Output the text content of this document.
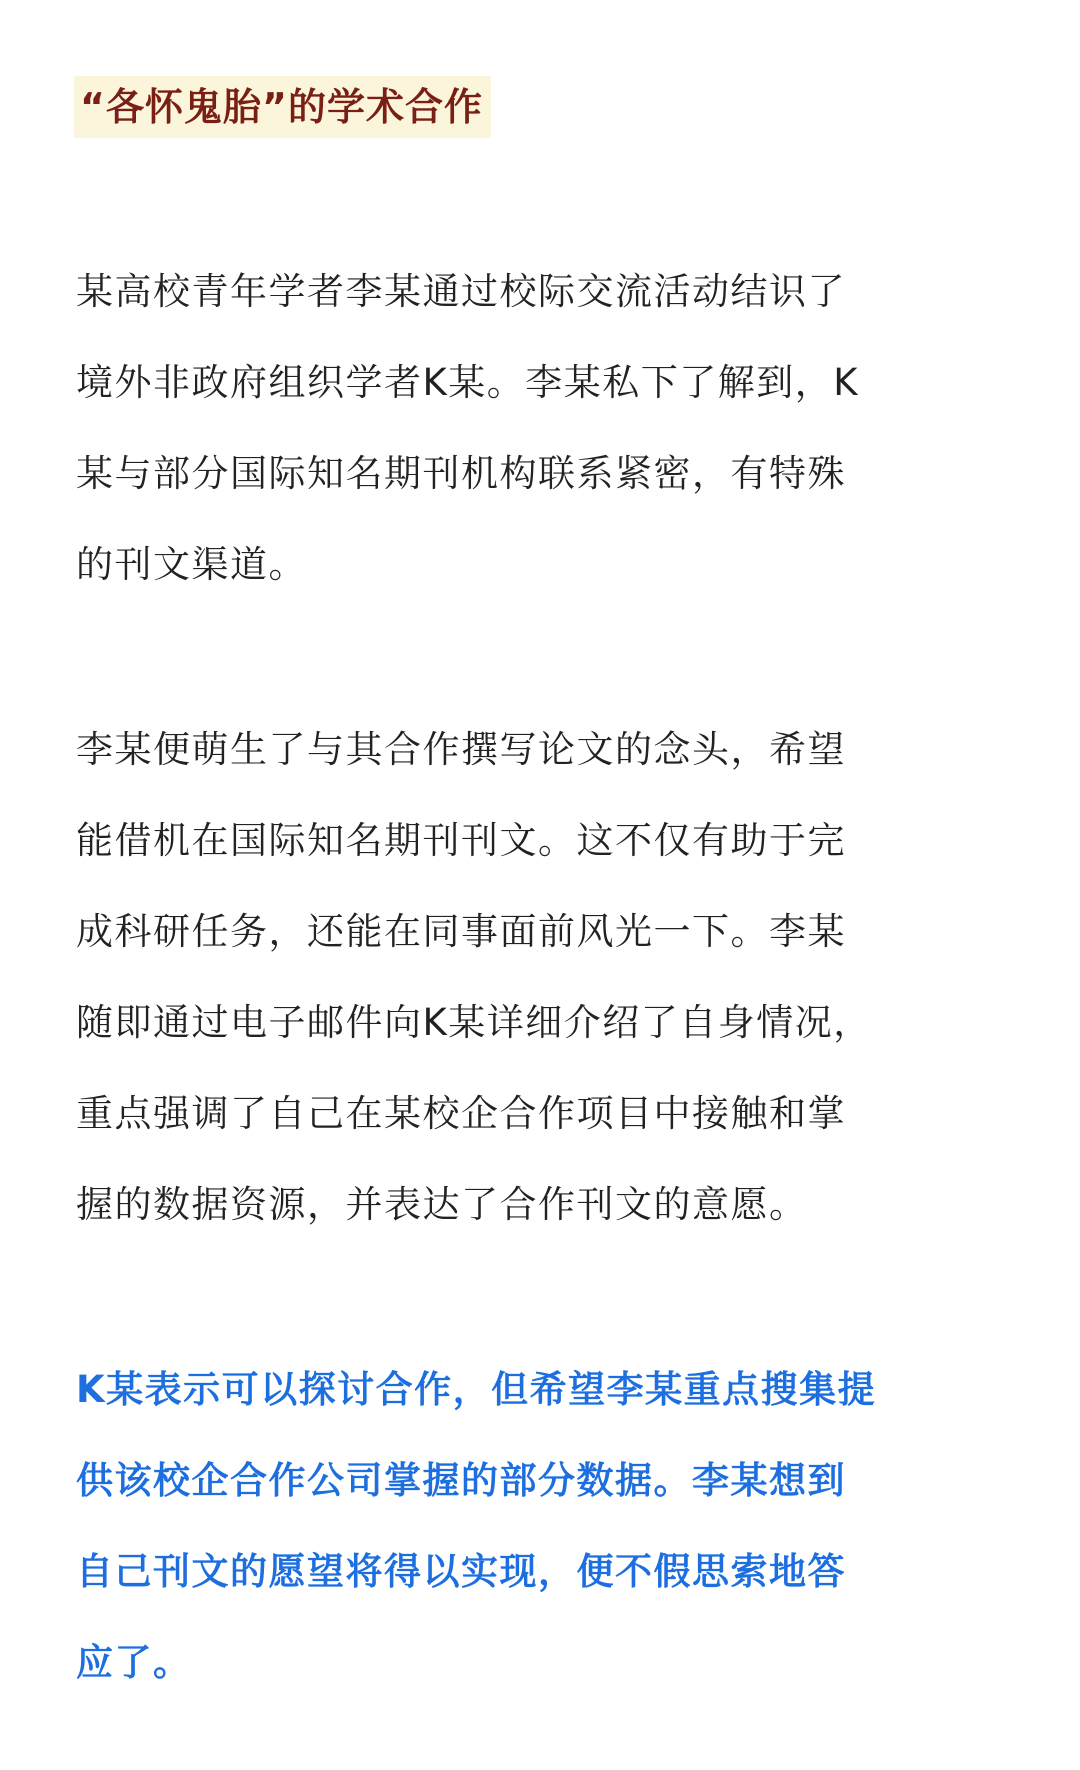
“各怀鬼胎”的学术合作

某高校青年学者李某通过校际交流活动结识了
境外非政府组织学者K某。李某私下了解到，K
某与部分国际知名期刊机构联系紧密，有特殊
的刊文渠道。

李某便萌生了与其合作撰写论文的念头，希望
能借机在国际知名期刊刊文。这不仅有助于完
成科研任务，还能在同事面前风光一下。李某
随即通过电子邮件向K某详细介绍了自身情况，
重点强调了自己在某校企合作项目中接触和掌
握的数据资源，并表达了合作刊文的意愿。

K某表示可以探讨合作，但希望李某重点搜集提
供该校企合作公司掌握的部分数据。李某想到
自己刊文的愿望将得以实现，便不假思索地答
应了。
